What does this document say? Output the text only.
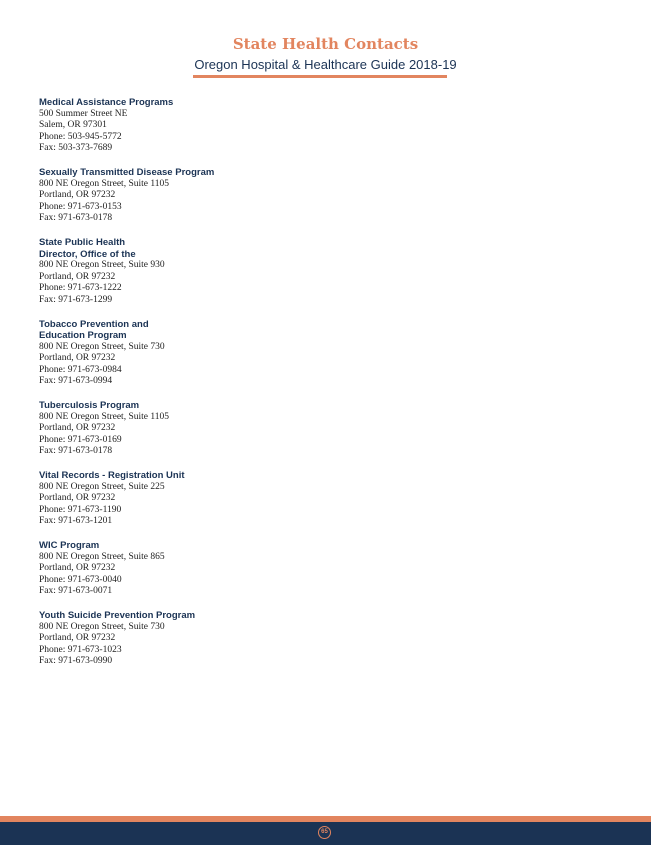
State Health Contacts
Oregon Hospital & Healthcare Guide 2018-19
Medical Assistance Programs
500 Summer Street NE
Salem, OR 97301
Phone: 503-945-5772
Fax: 503-373-7689
Sexually Transmitted Disease Program
800 NE Oregon Street, Suite 1105
Portland, OR 97232
Phone: 971-673-0153
Fax: 971-673-0178
State Public Health
Director, Office of the
800 NE Oregon Street, Suite 930
Portland, OR 97232
Phone: 971-673-1222
Fax: 971-673-1299
Tobacco Prevention and
Education Program
800 NE Oregon Street, Suite 730
Portland, OR 97232
Phone: 971-673-0984
Fax: 971-673-0994
Tuberculosis Program
800 NE Oregon Street, Suite 1105
Portland, OR 97232
Phone: 971-673-0169
Fax: 971-673-0178
Vital Records - Registration Unit
800 NE Oregon Street, Suite 225
Portland, OR 97232
Phone: 971-673-1190
Fax: 971-673-1201
WIC Program
800 NE Oregon Street, Suite 865
Portland, OR 97232
Phone: 971-673-0040
Fax: 971-673-0071
Youth Suicide Prevention Program
800 NE Oregon Street, Suite 730
Portland, OR 97232
Phone: 971-673-1023
Fax: 971-673-0990
65
